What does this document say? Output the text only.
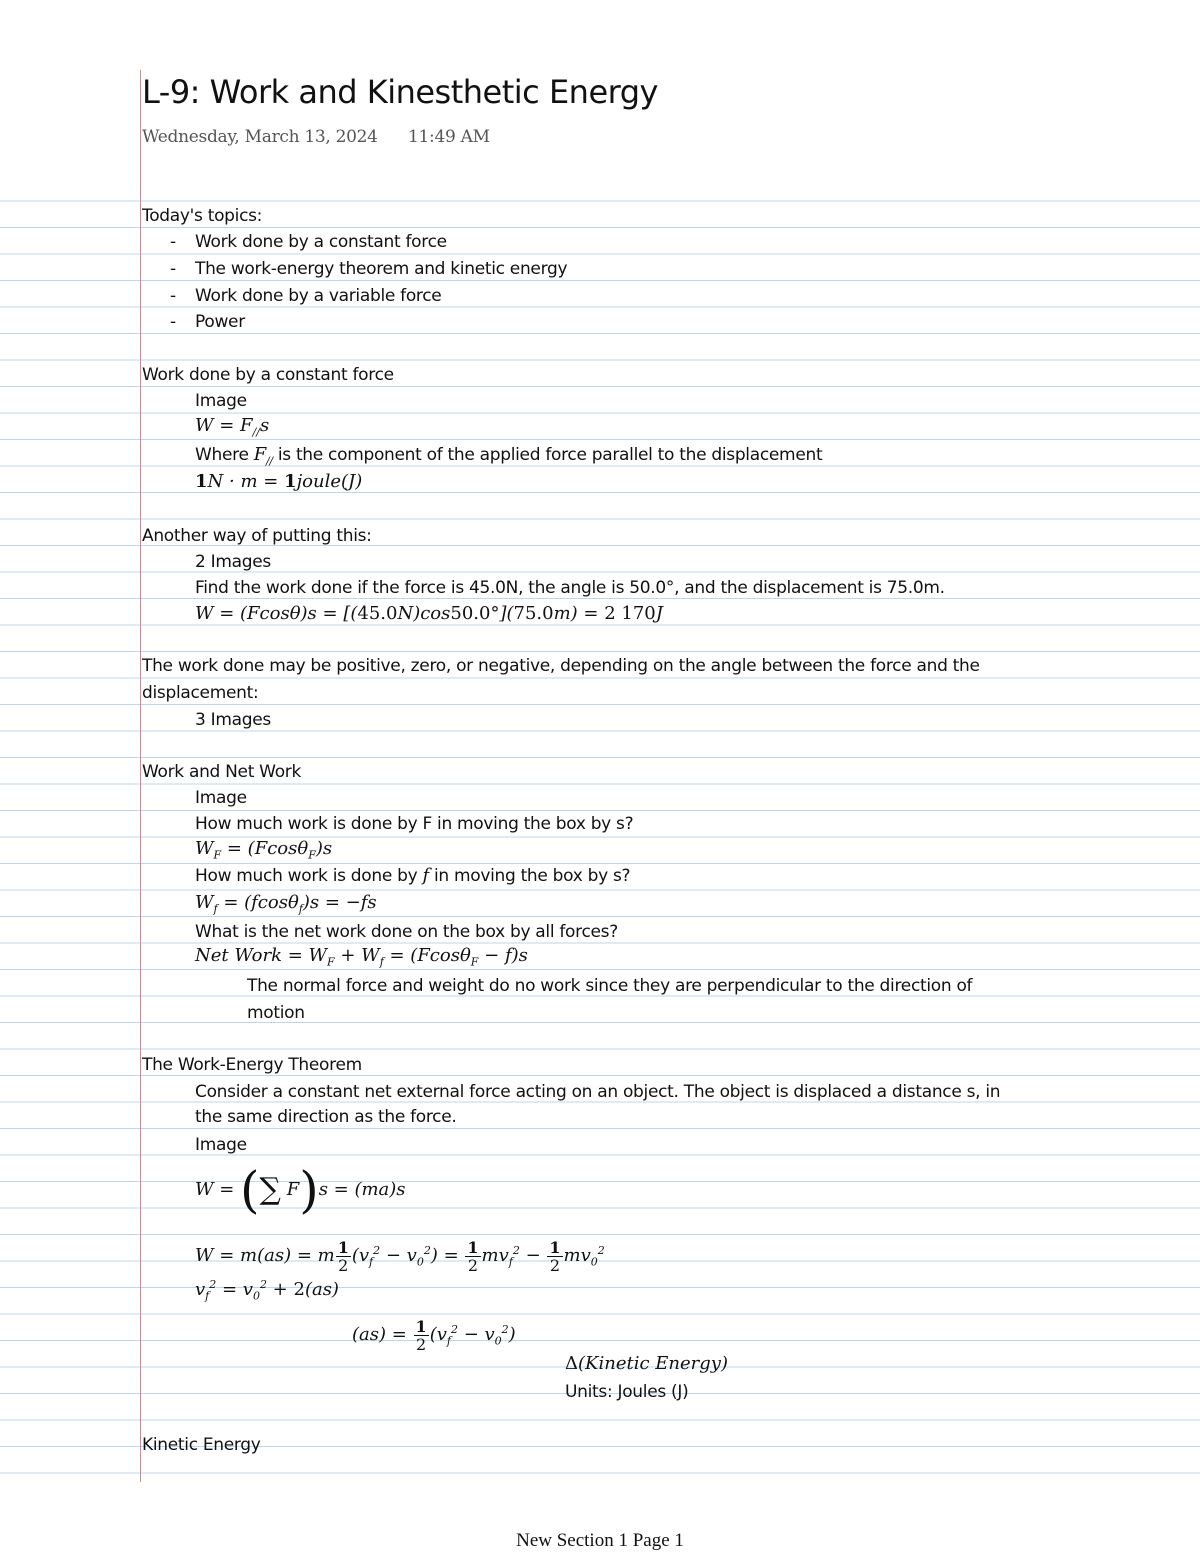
L-9: Work and Kinesthetic Energy
Wednesday, March 13, 2024 11:49 AM
Today's topics:
- Work done by a constant force
- The work-energy theorem and kinetic energy
- Work done by a variable force
- Power
Work done by a constant force
Image
$W = F_{//}s$
Where $F_{//}$ is the component of the applied force parallel to the displacement
1N · m = 1joule(J)
Another way of putting this:
2 Images
Find the work done if the force is 45.0N, the angle is 50.0°, and the displacement is 75.0m.
W = (Fcosθ)s = [(45.0N)cos50.0°](75.0m) = 2 170J
The work done may be positive, zero, or negative, depending on the angle between the force and the
displacement:
3 Images
Work and Net Work
Image
How much work is done by F in moving the box by s?
$W_F = (Fcos\theta_F)s$
How much work is done by f in moving the box by s?
$W_f = (fcos\theta_f)s = -fs$
What is the net work done on the box by all forces?
Net Work = $W_F + W_f = (Fcos\theta_F - f)s$
The normal force and weight do no work since they are perpendicular to the direction of
motion
The Work-Energy Theorem
Consider a constant net external force acting on an object. The object is displaced a distance s, in
the same direction as the force.
Image
W = (∑ F)s = (ma)s
W = m(as) = m $\frac{1}{2} (v_f^2 - v_0^2) = \frac{1}{2} mv_f^2 - \frac{1}{2} mv_0^2$
$v_f^2 = v_0^2 + 2(as)$
$(as) = \frac{1}{2} (v_f^2 - v_0^2)$
Δ(Kinetic Energy)
Units: Joules (J)
Kinetic Energy
New Section 1 Page 1
